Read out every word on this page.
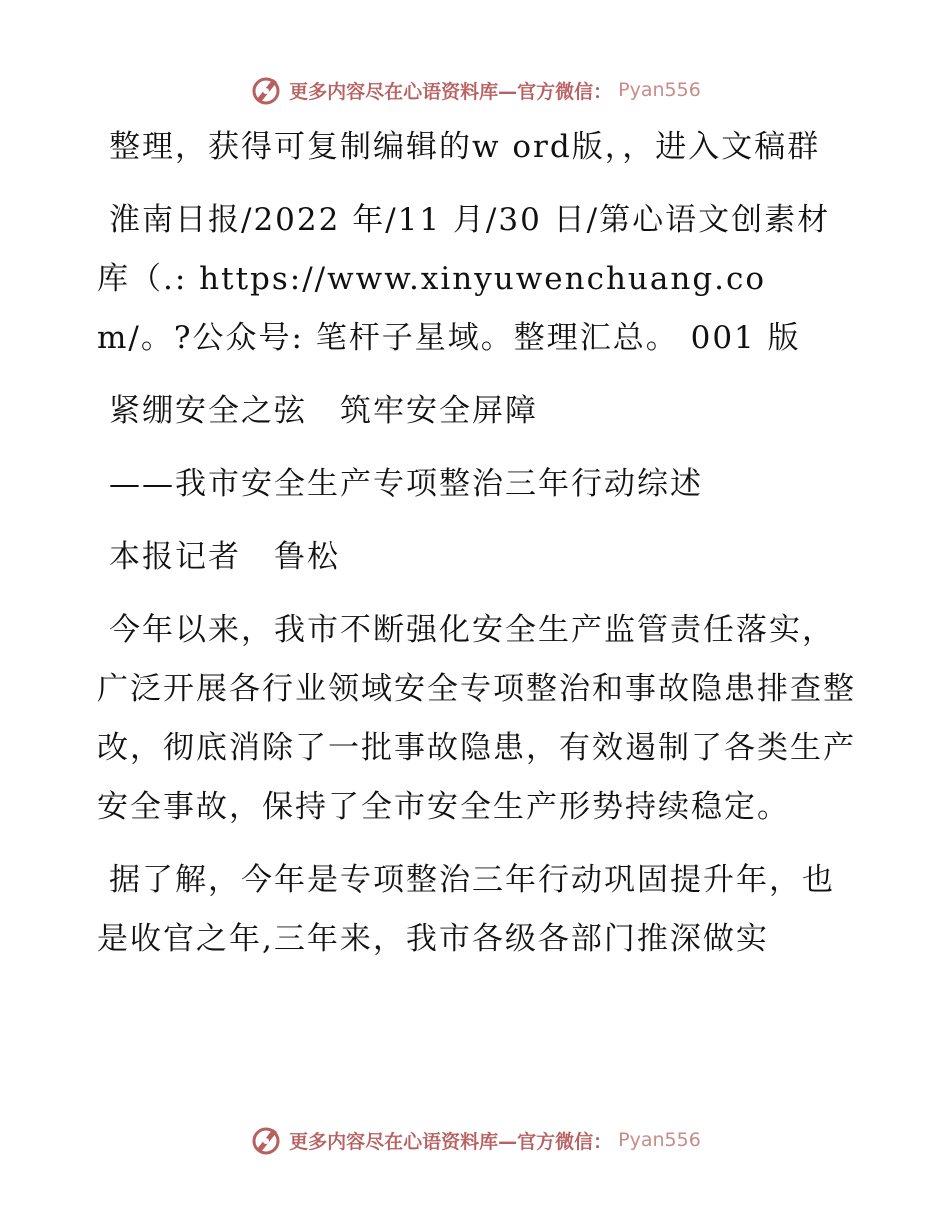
更多内容尽在心语资料库—官方微信： Pyan556

整理，获得可复制编辑的w ord版，，进入文稿群

淮南日报/2022 年/11 月/30 日/第心语文创素材库（.: https://www.xinyuwenchuang.com/。?公众号: 笔杆子星域。整理汇总。 001 版

紧绷安全之弦　筑牢安全屏障

——我市安全生产专项整治三年行动综述

本报记者　鲁松

今年以来，我市不断强化安全生产监管责任落实，广泛开展各行业领域安全专项整治和事故隐患排查整改，彻底消除了一批事故隐患，有效遏制了各类生产安全事故，保持了全市安全生产形势持续稳定。

据了解，今年是专项整治三年行动巩固提升年，也是收官之年,三年来，我市各级各部门推深做实

更多内容尽在心语资料库—官方微信： Pyan556
